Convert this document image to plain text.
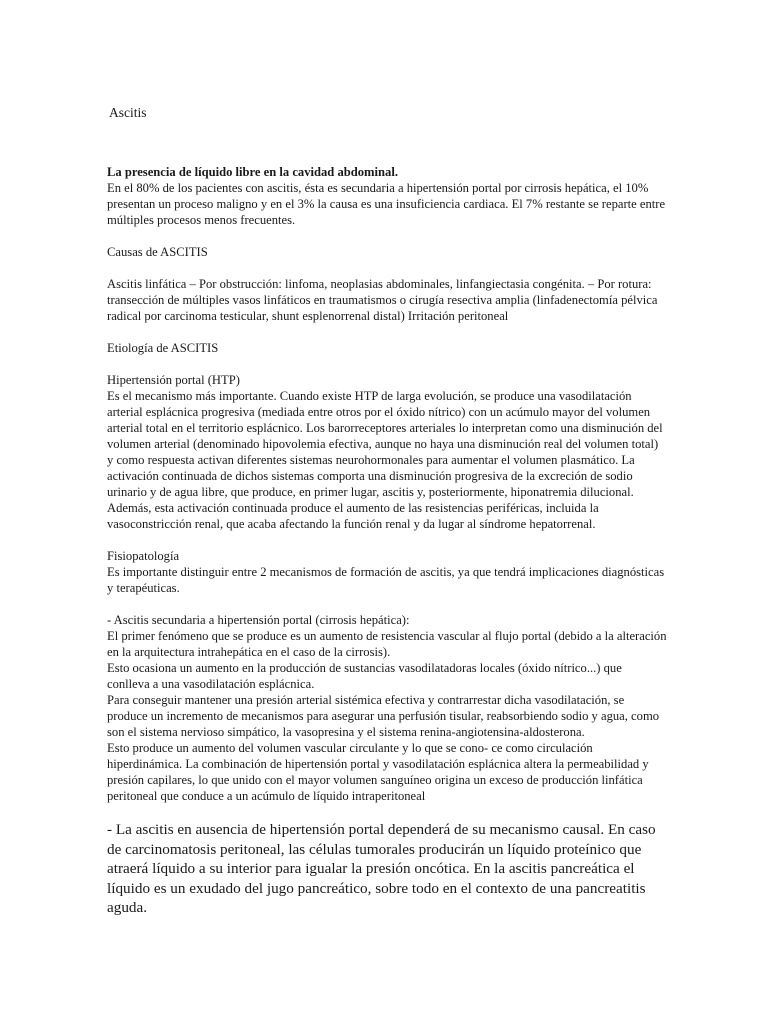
Ascitis

La presencia de líquido libre en la cavidad abdominal.

En el 80% de los pacientes con ascitis, ésta es secundaria a hipertensión portal por cirrosis hepática, el 10% presentan un proceso maligno y en el 3% la causa es una insuficiencia cardiaca. El 7% restante se reparte entre múltiples procesos menos frecuentes.

Causas de ASCITIS

Ascitis linfática – Por obstrucción: linfoma, neoplasias abdominales, linfangiectasia congénita. – Por rotura: transección de múltiples vasos linfáticos en traumatismos o cirugía resectiva amplia (linfadenectomía pélvica radical por carcinoma testicular, shunt esplenorrenal distal) Irritación peritoneal

Etiología de ASCITIS

Hipertensión portal (HTP)

Es el mecanismo más importante. Cuando existe HTP de larga evolución, se produce una vasodilatación arterial esplácnica progresiva (mediada entre otros por el óxido nítrico) con un acúmulo mayor del volumen arterial total en el territorio esplácnico. Los barorreceptores arteriales lo interpretan como una disminución del volumen arterial (denominado hipovolemia efectiva, aunque no haya una disminución real del volumen total) y como respuesta activan diferentes sistemas neurohormonales para aumentar el volumen plasmático. La activación continuada de dichos sistemas comporta una disminución progresiva de la excreción de sodio urinario y de agua libre, que produce, en primer lugar, ascitis y, posteriormente, hiponatremia dilucional. Además, esta activación continuada produce el aumento de las resistencias periféricas, incluida la vasoconstricción renal, que acaba afectando la función renal y da lugar al síndrome hepatorrenal.

Fisiopatología

Es importante distinguir entre 2 mecanismos de formación de ascitis, ya que tendrá implicaciones diagnósticas y terapéuticas.

- Ascitis secundaria a hipertensión portal (cirrosis hepática):

El primer fenómeno que se produce es un aumento de resistencia vascular al flujo portal (debido a la alteración en la arquitectura intrahepática en el caso de la cirrosis).

Esto ocasiona un aumento en la producción de sustancias vasodilatadoras locales (óxido nítrico...) que conlleva a una vasodilatación esplácnica.

Para conseguir mantener una presión arterial sistémica efectiva y contrarrestar dicha vasodilatación, se produce un incremento de mecanismos para asegurar una perfusión tisular, reabsorbiendo sodio y agua, como son el sistema nervioso simpático, la vasopresina y el sistema renina-angiotensina-aldosterona.

Esto produce un aumento del volumen vascular circulante y lo que se cono- ce como circulación hiperdinámica. La combinación de hipertensión portal y vasodilatación esplácnica altera la permeabilidad y presión capilares, lo que unido con el mayor volumen sanguíneo origina un exceso de producción linfática peritoneal que conduce a un acúmulo de líquido intraperitoneal

- La ascitis en ausencia de hipertensión portal dependerá de su mecanismo causal. En caso de carcinomatosis peritoneal, las células tumorales producirán un líquido proteínico que atraerá líquido a su interior para igualar la presión oncótica. En la ascitis pancreática el líquido es un exudado del jugo pancreático, sobre todo en el contexto de una pancreatitis aguda.
